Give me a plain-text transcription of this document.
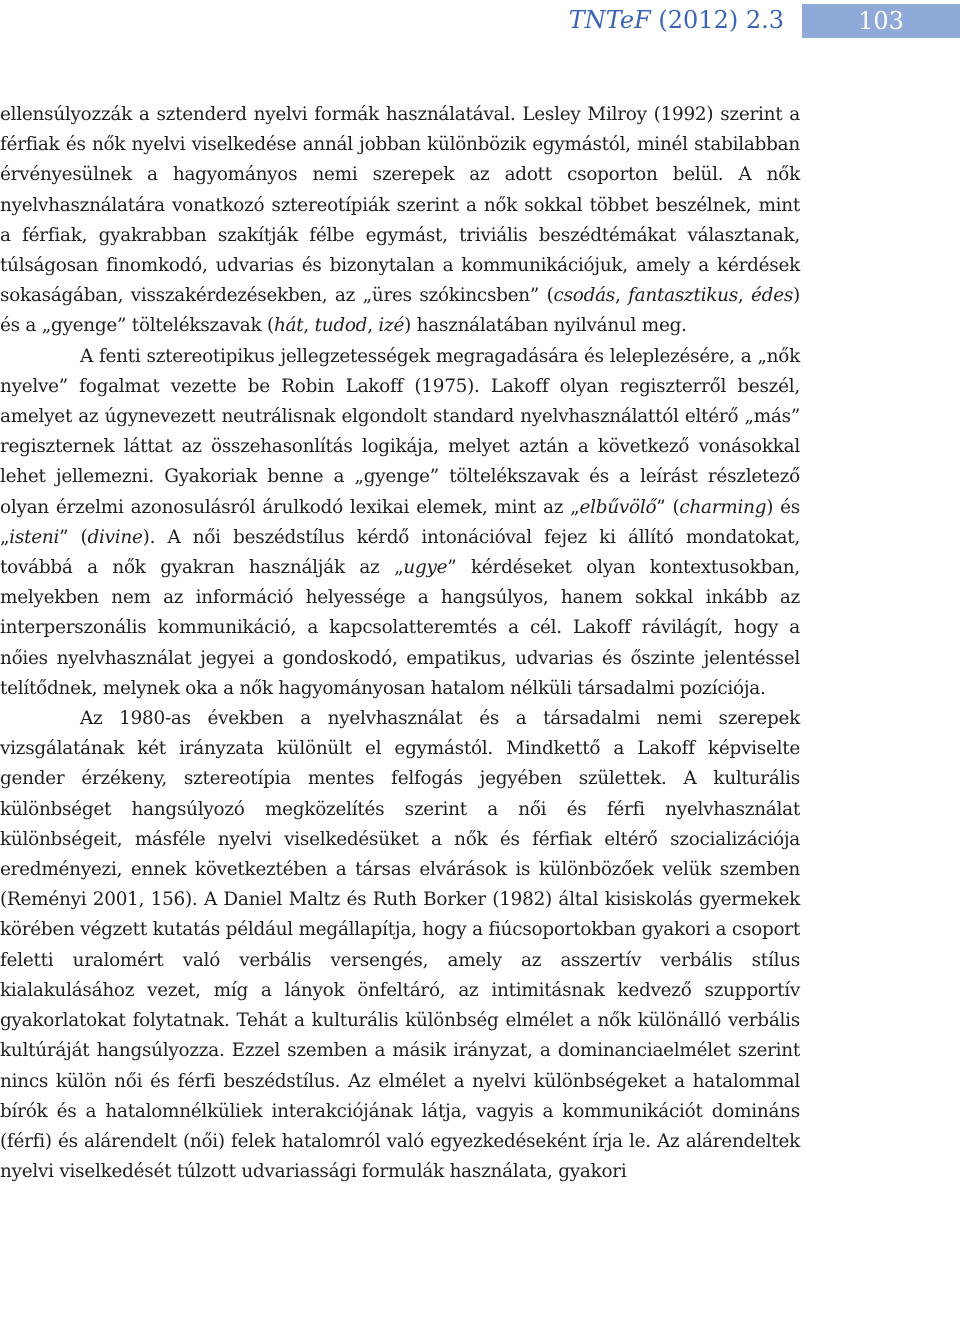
TNTeF (2012) 2.3	103

ellensúlyozzák a sztenderd nyelvi formák használatával. Lesley Milroy (1992) szerint a férfiak és nők nyelvi viselkedése annál jobban különbözik egymástól, minél stabilabban érvényesülnek a hagyományos nemi szerepek az adott csoporton belül. A nők nyelvhasználatára vonatkozó sztereotípiák szerint a nők sokkal többet beszélnek, mint a férfiak, gyakrabban szakítják félbe egymást, triviális beszédtémákat választanak, túlságosan finomkodó, udvarias és bizonytalan a kommunikációjuk, amely a kérdések sokaságában, visszakérdezésekben, az „üres szókincsben” (csodás, fantasztikus, édes) és a „gyenge” töltelékszavak (hát, tudod, izé) használatában nyilvánul meg.

A fenti sztereotipikus jellegzetességek megragadására és leleplezésére, a „nők nyelve” fogalmat vezette be Robin Lakoff (1975). Lakoff olyan regiszterről beszél, amelyet az úgynevezett neutrálisnak elgondolt standard nyelvhasználattól eltérő „más” regiszternek láttat az összehasonlítás logikája, melyet aztán a következő vonásokkal lehet jellemezni. Gyakoriak benne a „gyenge” töltelékszavak és a leírást részletező olyan érzelmi azonosulásról árulkodó lexikai elemek, mint az „elbűvölő” (charming) és „isteni” (divine). A női beszédstílus kérdő intonációval fejez ki állító mondatokat, továbbá a nők gyakran használják az „ugye” kérdéseket olyan kontextusokban, melyekben nem az információ helyessége a hangsúlyos, hanem sokkal inkább az interperszonális kommunikáció, a kapcsolatteremtés a cél. Lakoff rávilágít, hogy a nőies nyelvhasználat jegyei a gondoskodó, empatikus, udvarias és őszinte jelentéssel telítődnek, melynek oka a nők hagyományosan hatalom nélküli társadalmi pozíciója.

Az 1980-as években a nyelvhasználat és a társadalmi nemi szerepek vizsgálatának két irányzata különült el egymástól. Mindkettő a Lakoff képviselte gender érzékeny, sztereotípia mentes felfogás jegyében születtek. A kulturális különbséget hangsúlyozó megközelítés szerint a női és férfi nyelvhasználat különbségeit, másféle nyelvi viselkedésüket a nők és férfiak eltérő szocializációja eredményezi, ennek következtében a társas elvárások is különbözőek velük szemben (Reményi 2001, 156). A Daniel Maltz és Ruth Borker (1982) által kisiskolás gyermekek körében végzett kutatás például megállapítja, hogy a fiúcsoportokban gyakori a csoport feletti uralomért való verbális versengés, amely az asszertív verbális stílus kialakulásához vezet, míg a lányok önfeltáró, az intimitásnak kedvező szupportív gyakorlatokat folytatnak. Tehát a kulturális különbség elmélet a nők különálló verbális kultúráját hangsúlyozza. Ezzel szemben a másik irányzat, a dominanciaelmélet szerint nincs külön női és férfi beszédstílus. Az elmélet a nyelvi különbségeket a hatalommal bírók és a hatalomnélküliek interakciójának látja, vagyis a kommunikációt domináns (férfi) és alárendelt (női) felek hatalomról való egyezkedéseként írja le. Az alárendeltek nyelvi viselkedését túlzott udvariassági formulák használata, gyakori
